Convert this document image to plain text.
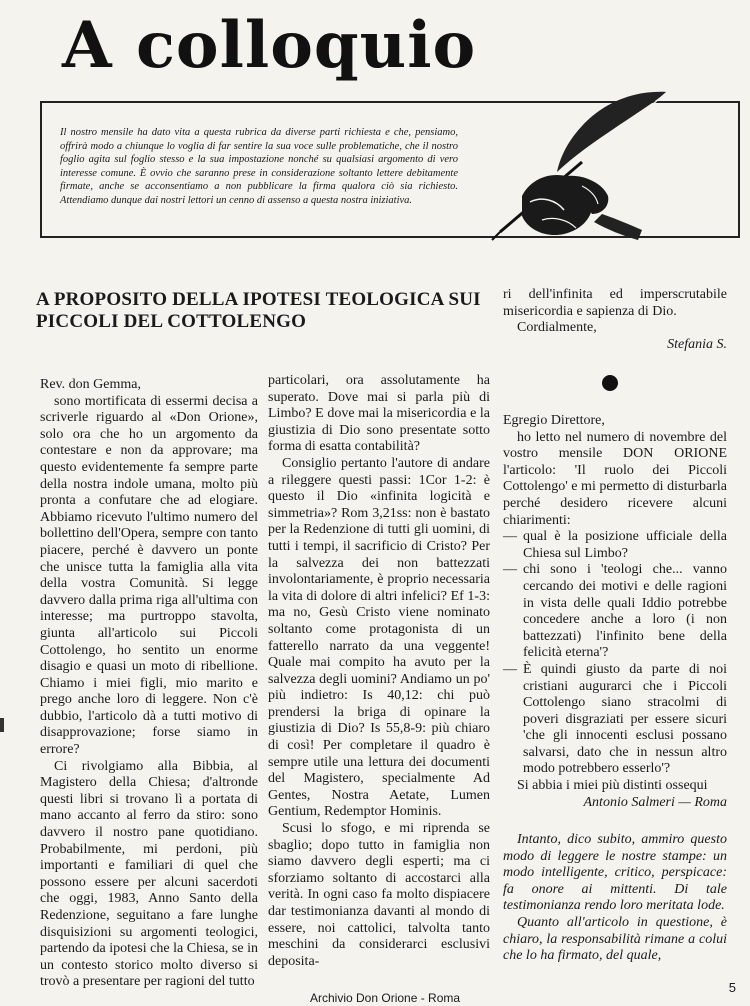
A colloquio
Il nostro mensile ha dato vita a questa rubrica da diverse parti richiesta e che, pensiamo, offrirà modo a chiunque lo voglia di far sentire la sua voce sulle problematiche, che il nostro foglio agita sul foglio stesso e la sua impostazione nonché su qualsiasi argomento di vero interesse comune. È ovvio che saranno prese in considerazione soltanto lettere debitamente firmate, anche se acconsentiamo a non pubblicare la firma qualora ciò sia richiesto. Attendiamo dunque dai nostri lettori un cenno di assenso a questa nostra iniziativa.
A PROPOSITO DELLA IPOTESI TEOLOGICA SUI PICCOLI DEL COTTOLENGO

Rev. don Gemma,

sono mortificata di essermi decisa a scriverle riguardo al «Don Orione», solo ora che ho un argomento da contestare e non da approvare; ma questo evidentemente fa sempre parte della nostra indole umana, molto più pronta a confutare che ad elogiare. Abbiamo ricevuto l'ultimo numero del bollettino dell'Opera, sempre con tanto piacere, perché è davvero un ponte che unisce tutta la famiglia alla vita della vostra Comunità. Si legge davvero dalla prima riga all'ultima con interesse; ma purtroppo stavolta, giunta all'articolo sui Piccoli Cottolengo, ho sentito un enorme disagio e quasi un moto di ribellione. Chiamo i miei figli, mio marito e prego anche loro di leggere. Non c'è dubbio, l'articolo dà a tutti motivo di disapprovazione; forse siamo in errore?

Ci rivolgiamo alla Bibbia, al Magistero della Chiesa; d'altronde questi libri si trovano lì a portata di mano accanto al ferro da stiro: sono davvero il nostro pane quotidiano. Probabilmente, mi perdoni, più importanti e familiari di quel che possono essere per alcuni sacerdoti che oggi, 1983, Anno Santo della Redenzione, seguitano a fare lunghe disquisizioni su argomenti teologici, partendo da ipotesi che la Chiesa, se in un contesto storico molto diverso si trovò a presentare per ragioni del tutto

particolari, ora assolutamente ha superato. Dove mai si parla più di Limbo? E dove mai la misericordia e la giustizia di Dio sono presentate sotto forma di esatta contabilità?

Consiglio pertanto l'autore di andare a rileggere questi passi: 1Cor 1-2: è questo il Dio «infinita logicità e simmetria»? Rom 3,21ss: non è bastato per la Redenzione di tutti gli uomini, di tutti i tempi, il sacrificio di Cristo? Per la salvezza dei non battezzati involontariamente, è proprio necessaria la vita di dolore di altri infelici? Ef 1-3: ma no, Gesù Cristo viene nominato soltanto come protagonista di un fatterello narrato da una veggente! Quale mai compito ha avuto per la salvezza degli uomini? Andiamo un po' più indietro: Is 40,12: chi può prendersi la briga di opinare la giustizia di Dio? Is 55,8-9: più chiaro di così! Per completare il quadro è sempre utile una lettura dei documenti del Magistero, specialmente Ad Gentes, Nostra Aetate, Lumen Gentium, Redemptor Hominis.

Scusi lo sfogo, e mi riprenda se sbaglio; dopo tutto in famiglia non siamo davvero degli esperti; ma ci sforziamo soltanto di accostarci alla verità. In ogni caso fa molto dispiacere dar testimonianza davanti al mondo di essere, noi cattolici, talvolta tanto meschini da considerarci esclusivi deposita-

ri dell'infinita ed imperscrutabile misericordia e sapienza di Dio.

Cordialmente,

Stefania S.

Egregio Direttore,

ho letto nel numero di novembre del vostro mensile DON ORIONE l'articolo: 'Il ruolo dei Piccoli Cottolengo' e mi permetto di disturbarla perché desidero ricevere alcuni chiarimenti:

— qual è la posizione ufficiale della Chiesa sul Limbo?
— chi sono i 'teologi che... vanno cercando dei motivi e delle ragioni in vista delle quali Iddio potrebbe concedere anche a loro (i non battezzati) l'infinito bene della felicità eterna'?
— È quindi giusto da parte di noi cristiani augurarci che i Piccoli Cottolengo siano stracolmi di poveri disgraziati per essere sicuri 'che gli innocenti esclusi possano salvarsi, dato che in nessun altro modo potrebbero esserlo'?

Si abbia i miei più distinti ossequi

Antonio Salmeri — Roma

Intanto, dico subito, ammiro questo modo di leggere le nostre stampe: un modo intelligente, critico, perspicace: fa onore ai mittenti. Di tale testimonianza rendo loro meritata lode.

Quanto all'articolo in questione, è chiaro, la responsabilità rimane a colui che lo ha firmato, del quale,

5
Archivio Don Orione - Roma
